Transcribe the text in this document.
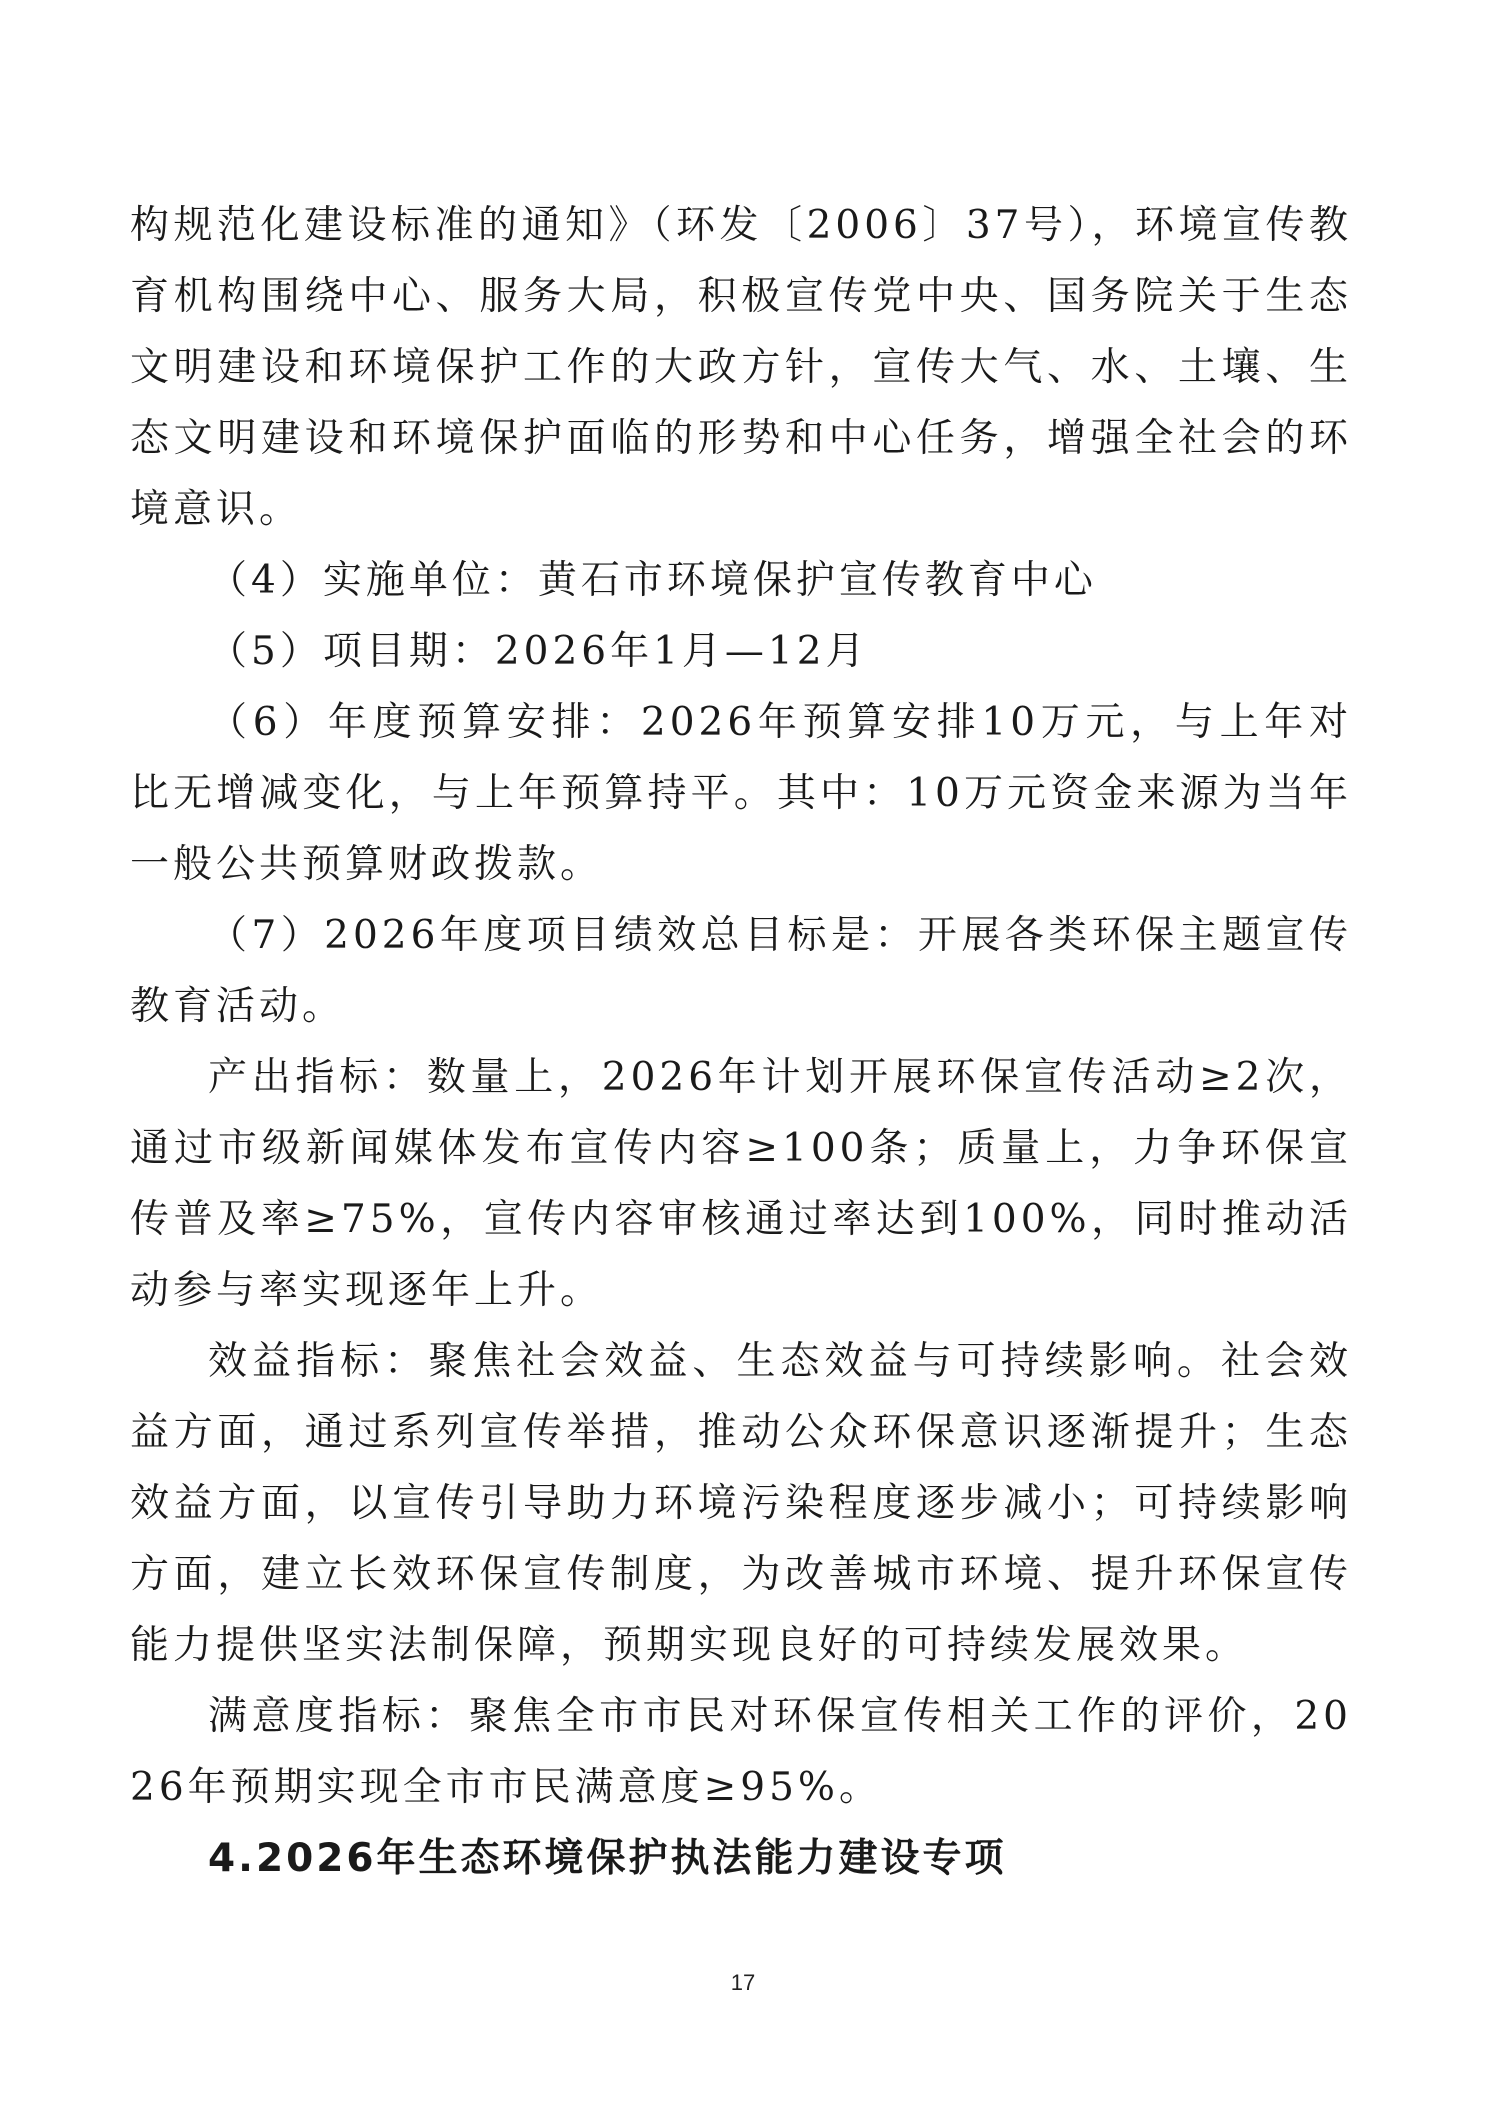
构规范化建设标准的通知》（环发〔2006〕37号），环境宣传教育机构围绕中心、服务大局，积极宣传党中央、国务院关于生态文明建设和环境保护工作的大政方针，宣传大气、水、土壤、生态文明建设和环境保护面临的形势和中心任务，增强全社会的环境意识。

（4）实施单位：黄石市环境保护宣传教育中心

（5）项目期：2026年1月—12月

（6）年度预算安排：2026年预算安排10万元，与上年对比无增减变化，与上年预算持平。其中：10万元资金来源为当年一般公共预算财政拨款。

（7）2026年度项目绩效总目标是：开展各类环保主题宣传教育活动。

产出指标：数量上，2026年计划开展环保宣传活动≥2次，通过市级新闻媒体发布宣传内容≥100条；质量上，力争环保宣传普及率≥75%，宣传内容审核通过率达到100%，同时推动活动参与率实现逐年上升。

效益指标：聚焦社会效益、生态效益与可持续影响。社会效益方面，通过系列宣传举措，推动公众环保意识逐渐提升；生态效益方面，以宣传引导助力环境污染程度逐步减小；可持续影响方面，建立长效环保宣传制度，为改善城市环境、提升环保宣传能力提供坚实法制保障，预期实现良好的可持续发展效果。

满意度指标：聚焦全市市民对环保宣传相关工作的评价，2026年预期实现全市市民满意度≥95%。

4.2026年生态环境保护执法能力建设专项

17
